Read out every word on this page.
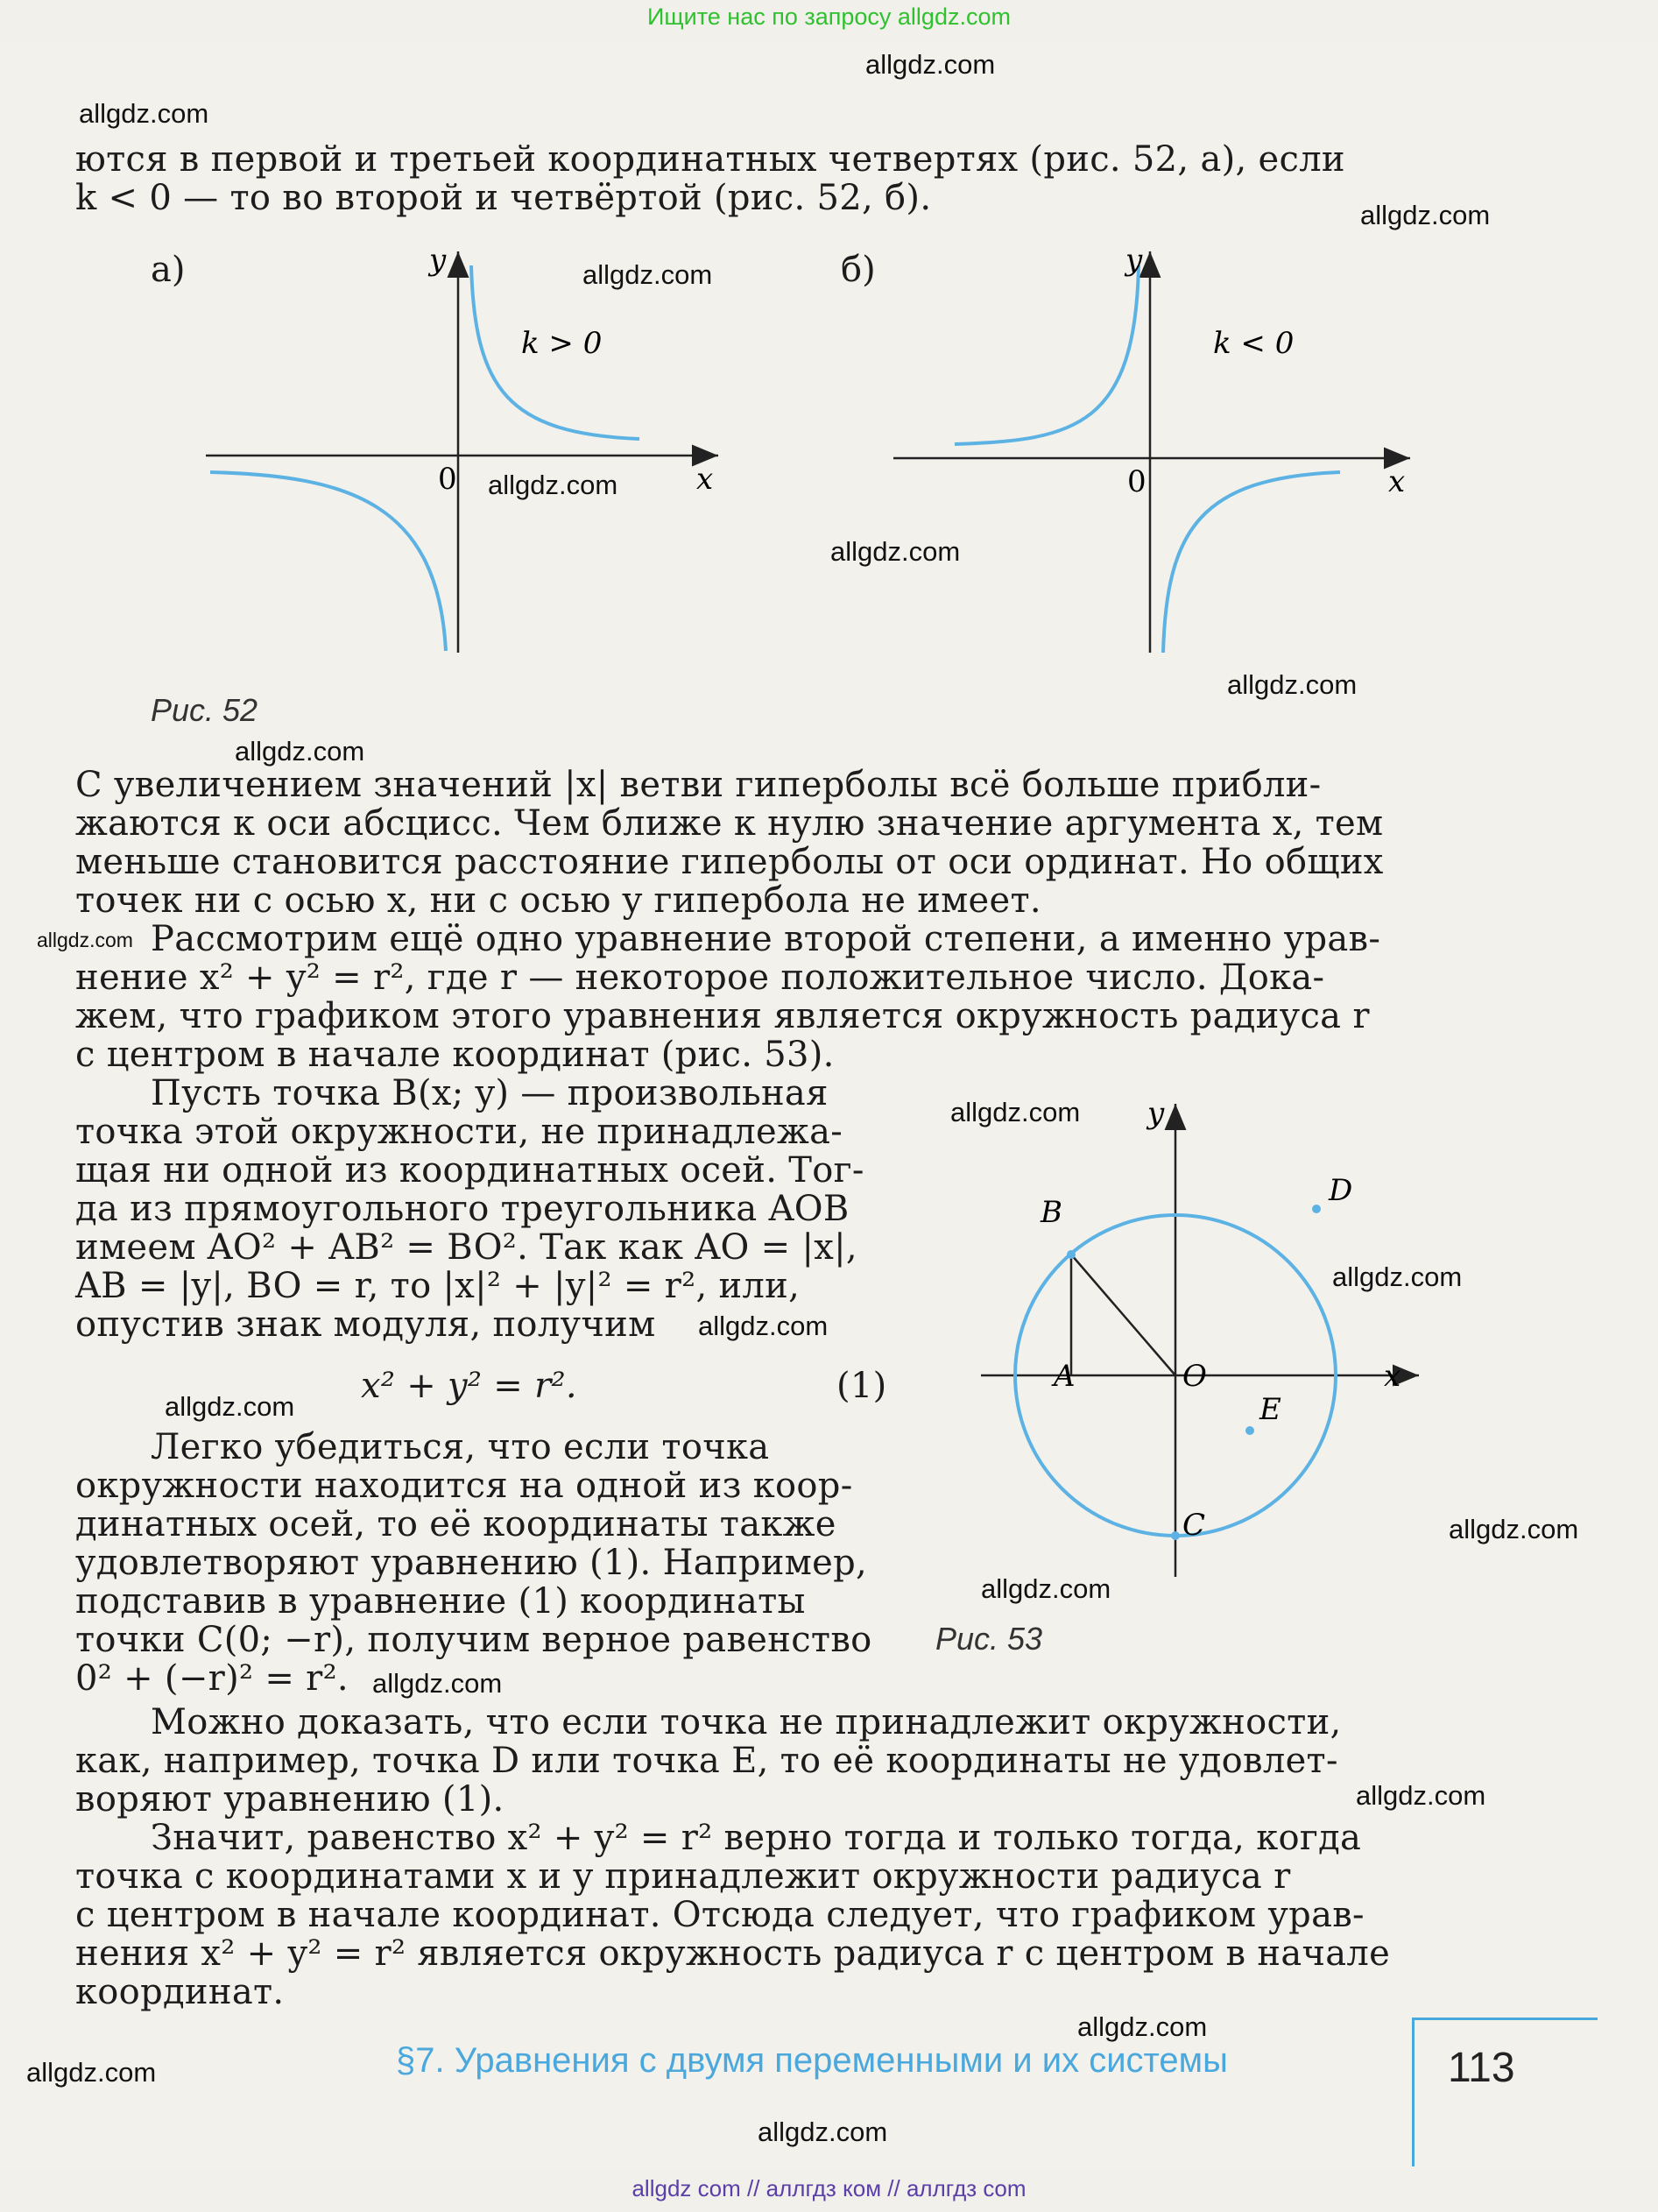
Ищите нас по запросу allgdz.com
ются в первой и третьей координатных четвертях (рис. 52, а), если
k < 0 — то во второй и четвёртой (рис. 52, б).
а)	б)
y
x
0
k > 0
y
x
0
k < 0
Рис. 52
С увеличением значений |x| ветви гиперболы всё больше прибли-
жаются к оси абсцисс. Чем ближе к нулю значение аргумента x, тем
меньше становится расстояние гиперболы от оси ординат. Но общих
точек ни с осью x, ни с осью y гипербола не имеет.
Рассмотрим ещё одно уравнение второй степени, а именно урав-
нение x² + y² = r², где r — некоторое положительное число. Дока-
жем, что графиком этого уравнения является окружность радиуса r
с центром в начале координат (рис. 53).
Пусть точка B(x; y) — произвольная
точка этой окружности, не принадлежа-
щая ни одной из координатных осей. Тог-
да из прямоугольного треугольника AOB
имеем AO² + AB² = BO². Так как AO = |x|,
AB = |y|, BO = r, то |x|² + |y|² = r², или,
опустив знак модуля, получим
x² + y² = r².	(1)
Легко убедиться, что если точка
окружности находится на одной из коор-
динатных осей, то её координаты также
удовлетворяют уравнению (1). Например,
подставив в уравнение (1) координаты
точки C(0; −r), получим верное равенство
0² + (−r)² = r².
y
x
O
A
B
C
D
E
Рис. 53
Можно доказать, что если точка не принадлежит окружности,
как, например, точка D или точка E, то её координаты не удовлет-
воряют уравнению (1).
Значит, равенство x² + y² = r² верно тогда и только тогда, когда
точка с координатами x и y принадлежит окружности радиуса r
с центром в начале координат. Отсюда следует, что графиком урав-
нения x² + y² = r² является окружность радиуса r с центром в начале
координат.
§7. Уравнения с двумя переменными и их системы	113
allgdz.com
allgdz.com
allgdz.com
allgdz.com
allgdz.com
allgdz.com
allgdz.com
allgdz.com
allgdz.com
allgdz.com
allgdz.com
allgdz.com
allgdz.com
allgdz.com
allgdz.com
allgdz.com
allgdz.com
allgdz.com
allgdz.com
allgdz.com
allgdz com // аллгдз ком // аллгдз com
